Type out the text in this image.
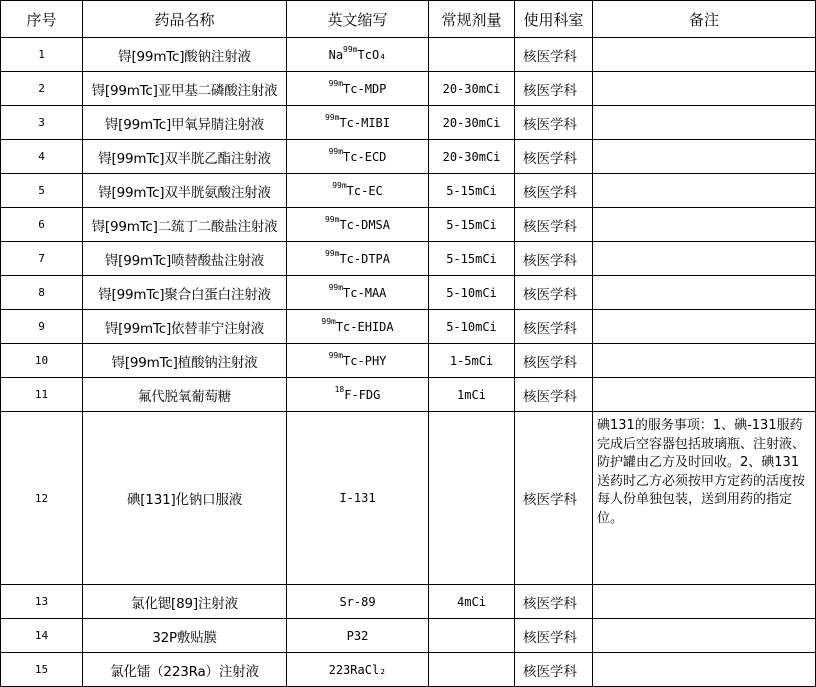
序号	药品名称	英文缩写	常规剂量	使用科室	备注
1	锝[99mTc]酸钠注射液	$Na^{99m}TcO_4$		核医学科	
2	锝[99mTc]亚甲基二磷酸注射液	$^{99m}$Tc-MDP	20-30mCi	核医学科	
3	锝[99mTc]甲氧异腈注射液	$^{99m}$Tc-MIBI	20-30mCi	核医学科	
4	锝[99mTc]双半胱乙酯注射液	$^{99m}$Tc-ECD	20-30mCi	核医学科	
5	锝[99mTc]双半胱氨酸注射液	$^{99m}$Tc-EC	5-15mCi	核医学科	
6	锝[99mTc]二巯丁二酸盐注射液	$^{99m}$Tc-DMSA	5-15mCi	核医学科	
7	锝[99mTc]喷替酸盐注射液	$^{99m}$Tc-DTPA	5-15mCi	核医学科	
8	锝[99mTc]聚合白蛋白注射液	$^{99m}$Tc-MAA	5-10mCi	核医学科	
9	锝[99mTc]依替菲宁注射液	$^{99m}$Tc-EHIDA	5-10mCi	核医学科	
10	锝[99mTc]植酸钠注射液	$^{99m}$Tc-PHY	1-5mCi	核医学科	
11	氟代脱氧葡萄糖	$^{18}$F-FDG	1mCi	核医学科	
12	碘[131]化钠口服液	I-131		核医学科	碘131的服务事项：1、碘-131服药完成后空容器包括玻璃瓶、注射液、防护罐由乙方及时回收。2、碘131送药时乙方必须按甲方定药的活度按每人份单独包装，送到用药的指定位。
13	氯化锶[89]注射液	Sr-89	4mCi	核医学科	
14	32P敷贴膜	P32		核医学科	
15	氯化镭（223Ra）注射液	223RaCl₂		核医学科	
